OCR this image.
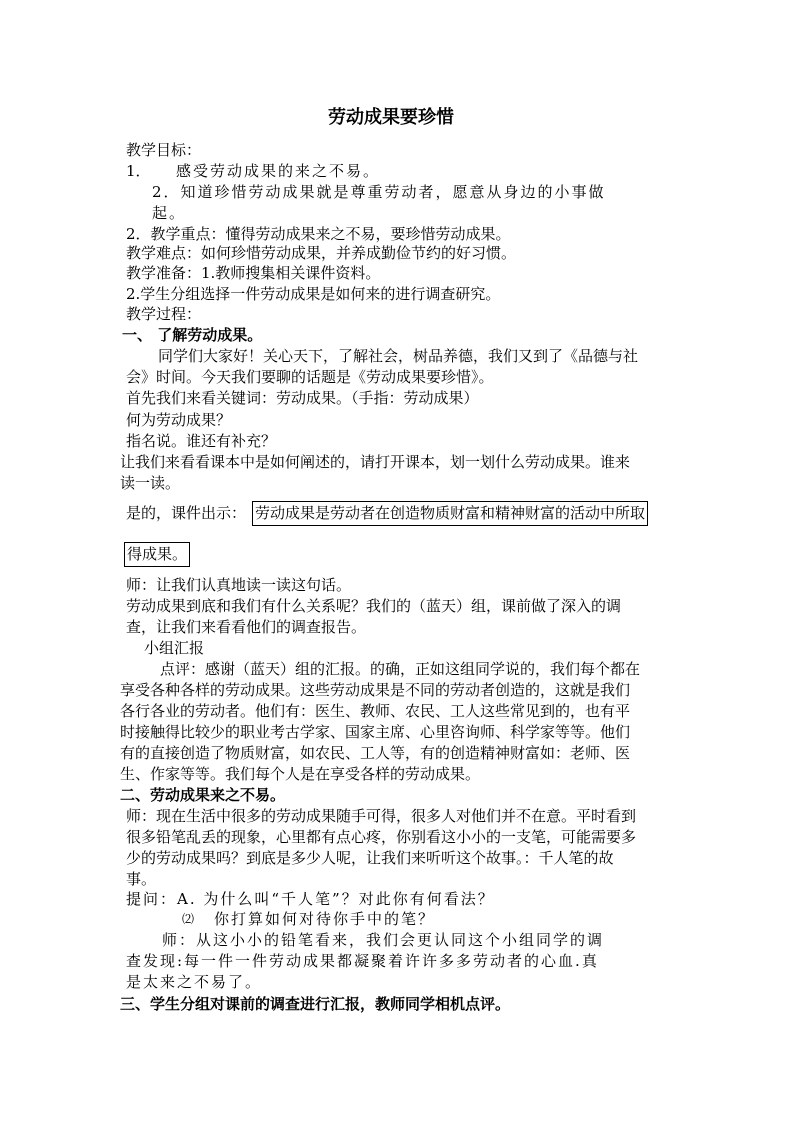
劳动成果要珍惜
教学目标：
1． 感受劳动成果的来之不易。
2．知道珍惜劳动成果就是尊重劳动者，愿意从身边的小事做
起。
2．教学重点：懂得劳动成果来之不易，要珍惜劳动成果。
教学难点：如何珍惜劳动成果，并养成勤俭节约的好习惯。
教学准备：1.教师搜集相关课件资料。
2.学生分组选择一件劳动成果是如何来的进行调查研究。
教学过程：
一、 了解劳动成果。
同学们大家好！关心天下，了解社会，树品养德，我们又到了《品德与社
会》时间。今天我们要聊的话题是《劳动成果要珍惜》。
首先我们来看关键词：劳动成果。（手指：劳动成果）
何为劳动成果？
指名说。谁还有补充？
让我们来看看课本中是如何阐述的，请打开课本，划一划什么劳动成果。谁来
读一读。
是的，课件出示： 劳动成果是劳动者在创造物质财富和精神财富的活动中所取
得成果。
师：让我们认真地读一读这句话。
劳动成果到底和我们有什么关系呢？我们的（蓝天）组，课前做了深入的调
查，让我们来看看他们的调查报告。
小组汇报
点评：感谢（蓝天）组的汇报。的确，正如这组同学说的，我们每个都在
享受各种各样的劳动成果。这些劳动成果是不同的劳动者创造的，这就是我们
各行各业的劳动者。他们有：医生、教师、农民、工人这些常见到的，也有平
时接触得比较少的职业考古学家、国家主席、心里咨询师、科学家等等。他们
有的直接创造了物质财富，如农民、工人等，有的创造精神财富如：老师、医
生、作家等等。我们每个人是在享受各样的劳动成果。
二、劳动成果来之不易。
师：现在生活中很多的劳动成果随手可得，很多人对他们并不在意。平时看到
很多铅笔乱丢的现象，心里都有点心疼，你别看这小小的一支笔，可能需要多
少的劳动成果吗？到底是多少人呢，让我们来听听这个故事。：千人笔的故
事。
提问：A. 为什么叫“千人笔”？对此你有何看法？
⑵ 你打算如何对待你手中的笔？
师：从这小小的铅笔看来，我们会更认同这个小组同学的调
查发现:每一件一件劳动成果都凝聚着许许多多劳动者的心血.真
是太来之不易了。
三、学生分组对课前的调查进行汇报，教师同学相机点评。
